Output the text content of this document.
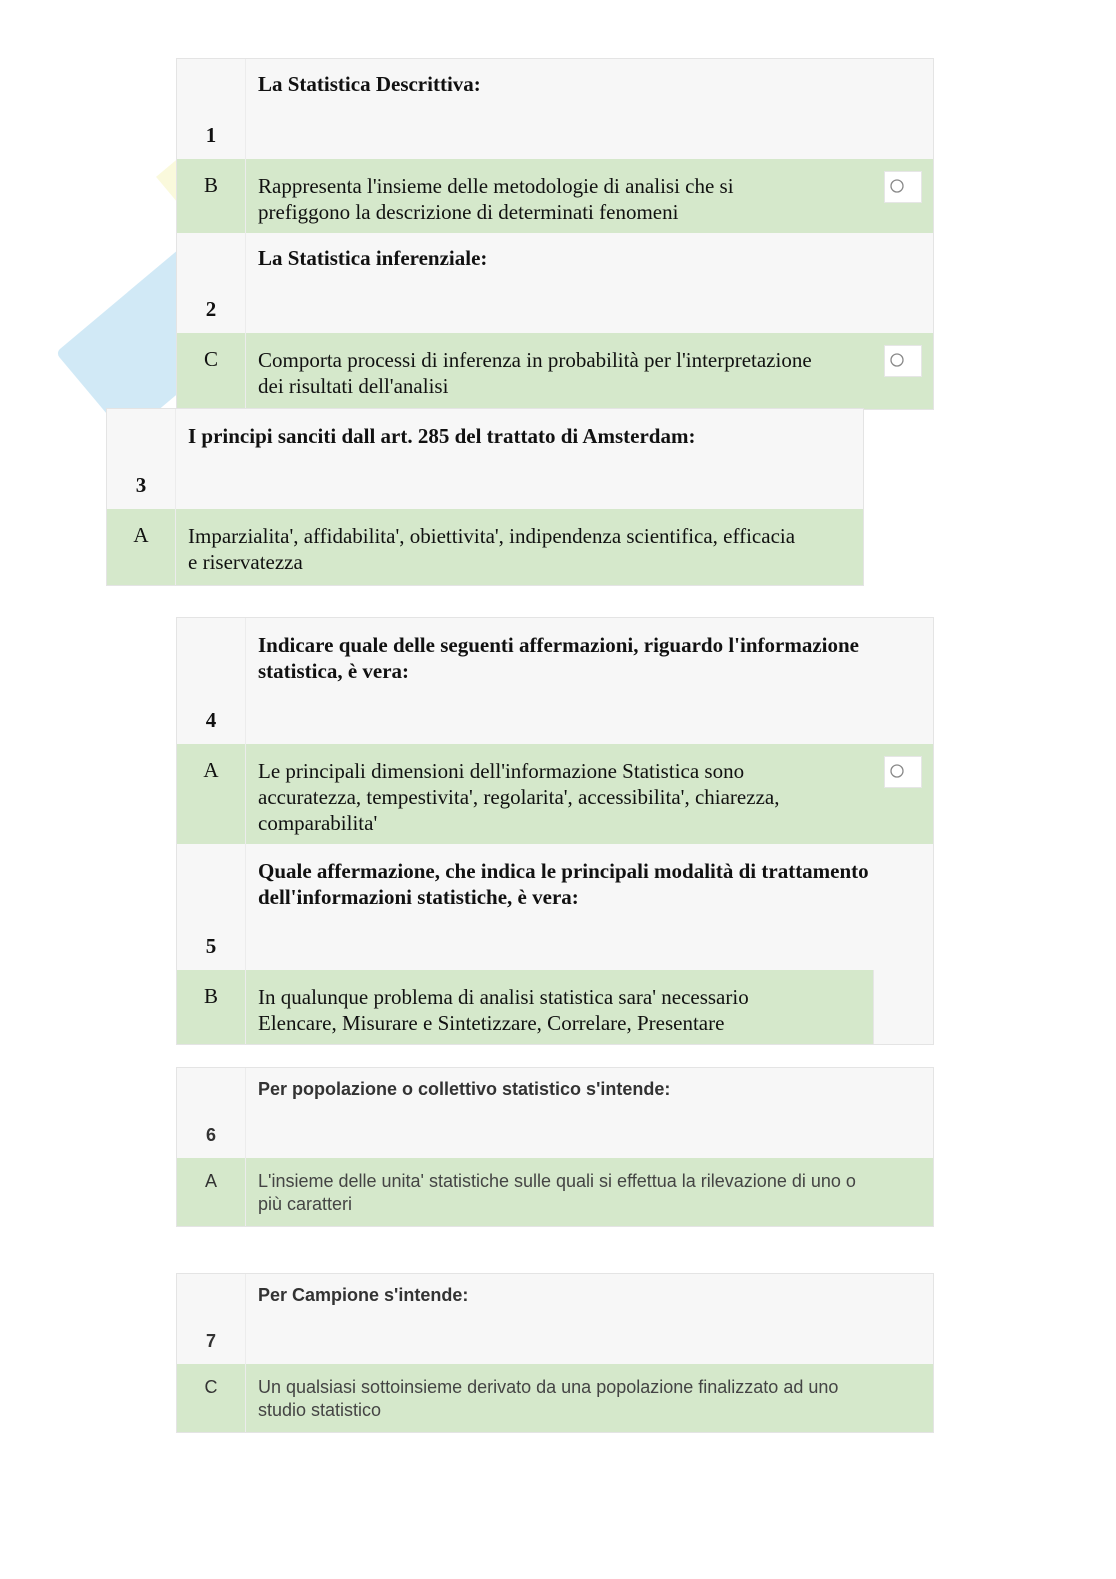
1
La Statistica Descrittiva:
B	Rappresenta l'insieme delle metodologie di analisi che si
prefiggono la descrizione di determinati fenomeni
2
La Statistica inferenziale:
C	Comporta processi di inferenza in probabilità per l'interpretazione
dei risultati dell'analisi
3
I principi sanciti dall art. 285 del trattato di Amsterdam:
A	Imparzialita', affidabilita', obiettivita', indipendenza scientifica, efficacia
e riservatezza
4
Indicare quale delle seguenti affermazioni, riguardo l'informazione
statistica, è vera:
A	Le principali dimensioni dell'informazione Statistica sono
accuratezza, tempestivita', regolarita', accessibilita', chiarezza,
comparabilita'
5
Quale affermazione, che indica le principali modalità di trattamento
dell'informazioni statistiche, è vera:
B	In qualunque problema di analisi statistica sara' necessario
Elencare, Misurare e Sintetizzare, Correlare, Presentare
6
Per popolazione o collettivo statistico s'intende:
A	L'insieme delle unita' statistiche sulle quali si effettua la rilevazione di uno o
più caratteri
7
Per Campione s'intende:
C	Un qualsiasi sottoinsieme derivato da una popolazione finalizzato ad uno
studio statistico
